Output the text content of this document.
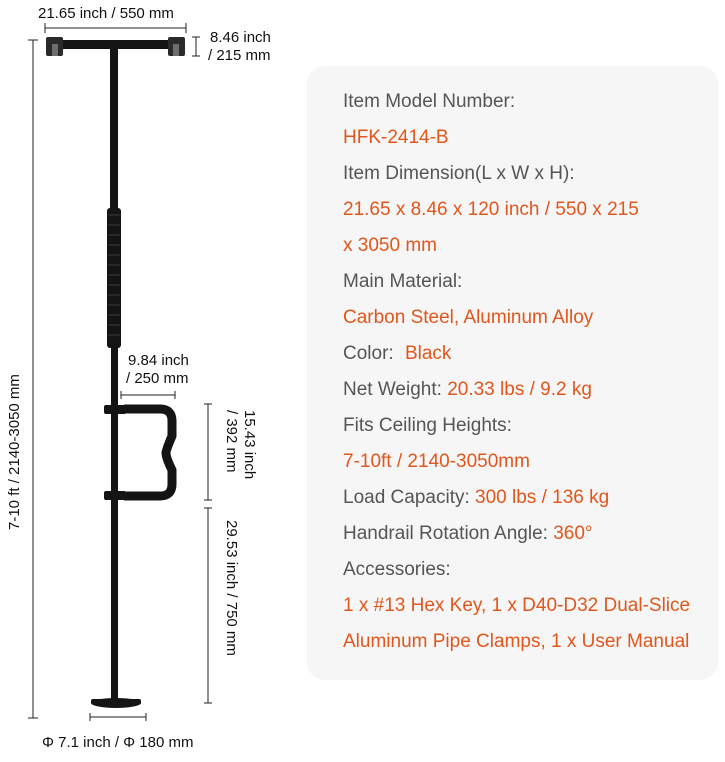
21.65 inch / 550 mm
8.46 inch
/ 215 mm
7-10 ft / 2140-3050 mm
9.84 inch
/ 250 mm
15.43 inch
/ 392 mm
29.53 inch / 750 mm
Φ 7.1 inch / Φ 180 mm
Item Model Number:
HFK-2414-B
Item Dimension(L x W x H):
21.65 x 8.46 x 120 inch / 550 x 215
x 3050 mm
Main Material:
Carbon Steel, Aluminum Alloy
Color: Black
Net Weight: 20.33 lbs / 9.2 kg
Fits Ceiling Heights:
7-10ft / 2140-3050mm
Load Capacity: 300 lbs / 136 kg
Handrail Rotation Angle: 360°
Accessories:
1 x #13 Hex Key, 1 x D40-D32 Dual-Slice
Aluminum Pipe Clamps, 1 x User Manual
